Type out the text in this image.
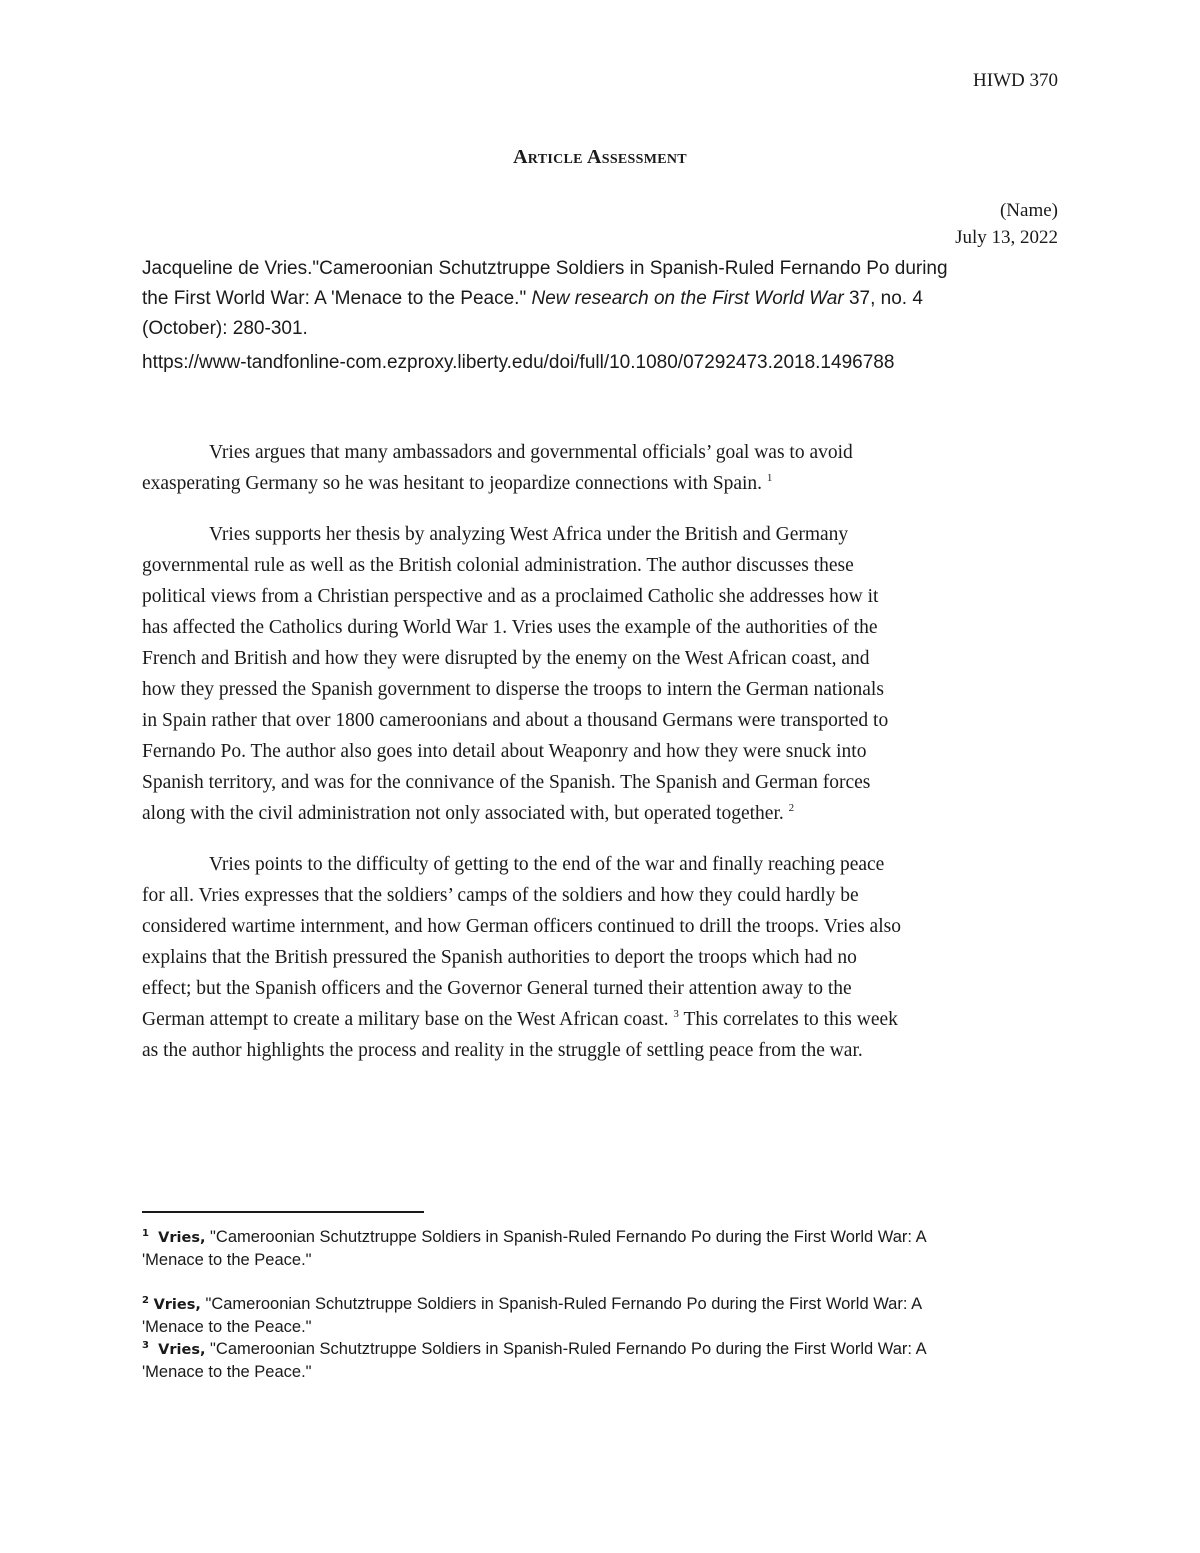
HIWD 370
Article Assessment
(Name)
July 13, 2022
Jacqueline de Vries."Cameroonian Schutztruppe Soldiers in Spanish-Ruled Fernando Po during
the First World War: A 'Menace to the Peace." New research on the First World War 37, no. 4
(October): 280-301.
https://www-tandfonline-com.ezproxy.liberty.edu/doi/full/10.1080/07292473.2018.1496788

Vries argues that many ambassadors and governmental officials’ goal was to avoid
exasperating Germany so he was hesitant to jeopardize connections with Spain. $^1$

Vries supports her thesis by analyzing West Africa under the British and Germany
governmental rule as well as the British colonial administration. The author discusses these
political views from a Christian perspective and as a proclaimed Catholic she addresses how it
has affected the Catholics during World War 1. Vries uses the example of the authorities of the
French and British and how they were disrupted by the enemy on the West African coast, and
how they pressed the Spanish government to disperse the troops to intern the German nationals
in Spain rather that over 1800 cameroonians and about a thousand Germans were transported to
Fernando Po. The author also goes into detail about Weaponry and how they were snuck into
Spanish territory, and was for the connivance of the Spanish. The Spanish and German forces
along with the civil administration not only associated with, but operated together. $^2$

Vries points to the difficulty of getting to the end of the war and finally reaching peace
for all. Vries expresses that the soldiers’ camps of the soldiers and how they could hardly be
considered wartime internment, and how German officers continued to drill the troops. Vries also
explains that the British pressured the Spanish authorities to deport the troops which had no
effect; but the Spanish officers and the Governor General turned their attention away to the
German attempt to create a military base on the West African coast. $^3$ This correlates to this week
as the author highlights the process and reality in the struggle of settling peace from the war.

$^1$ Vries, "Cameroonian Schutztruppe Soldiers in Spanish-Ruled Fernando Po during the First World War: A
'Menace to the Peace."
$^2$ Vries, "Cameroonian Schutztruppe Soldiers in Spanish-Ruled Fernando Po during the First World War: A
'Menace to the Peace."
$^3$ Vries, "Cameroonian Schutztruppe Soldiers in Spanish-Ruled Fernando Po during the First World War: A
'Menace to the Peace."
